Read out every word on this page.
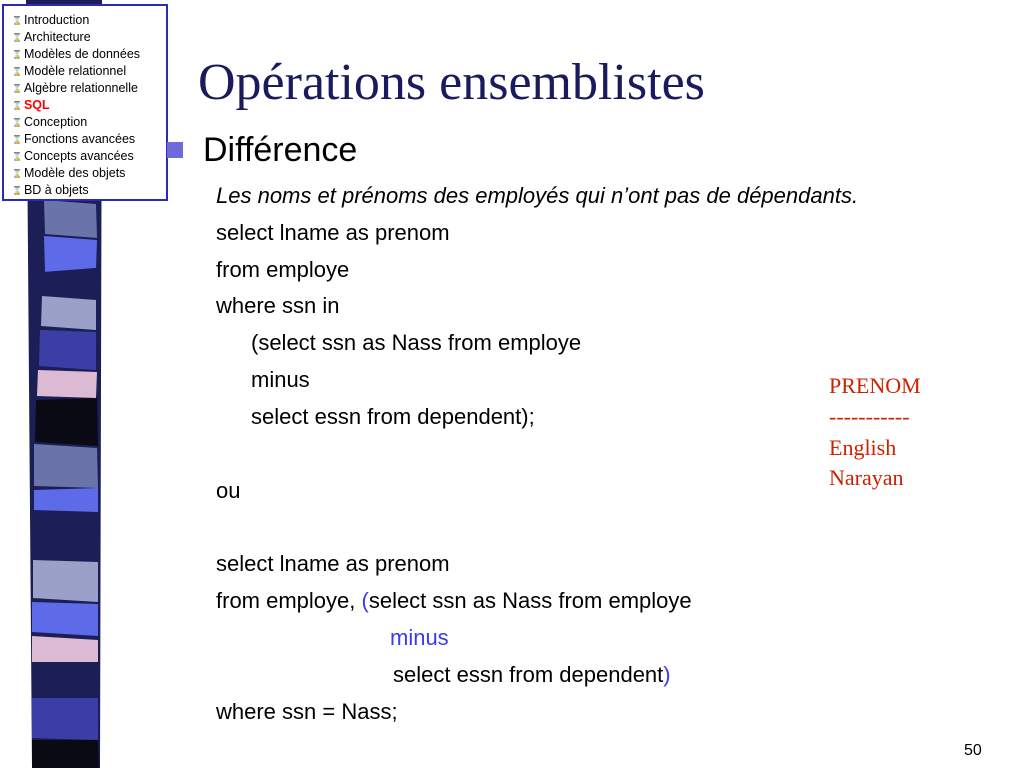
⌛ Introduction
⌛ Architecture
⌛ Modèles de données
⌛ Modèle relationnel
⌛ Algèbre relationnelle
⌛ SQL
⌛ Conception
⌛ Fonctions avancées
⌛ Concepts avancées
⌛ Modèle des objets
⌛ BD à objets
Opérations ensemblistes
Différence
Les noms et prénoms des employés qui n’ont pas de dépendants.
select lname as prenom
from employe
where ssn in
(select ssn as Nass from employe
minus
select essn from dependent);
ou
select lname as prenom
from employe, (select ssn as Nass from employe
minus
select essn from dependent)
where ssn = Nass;
PRENOM
-----------
English
Narayan
50
